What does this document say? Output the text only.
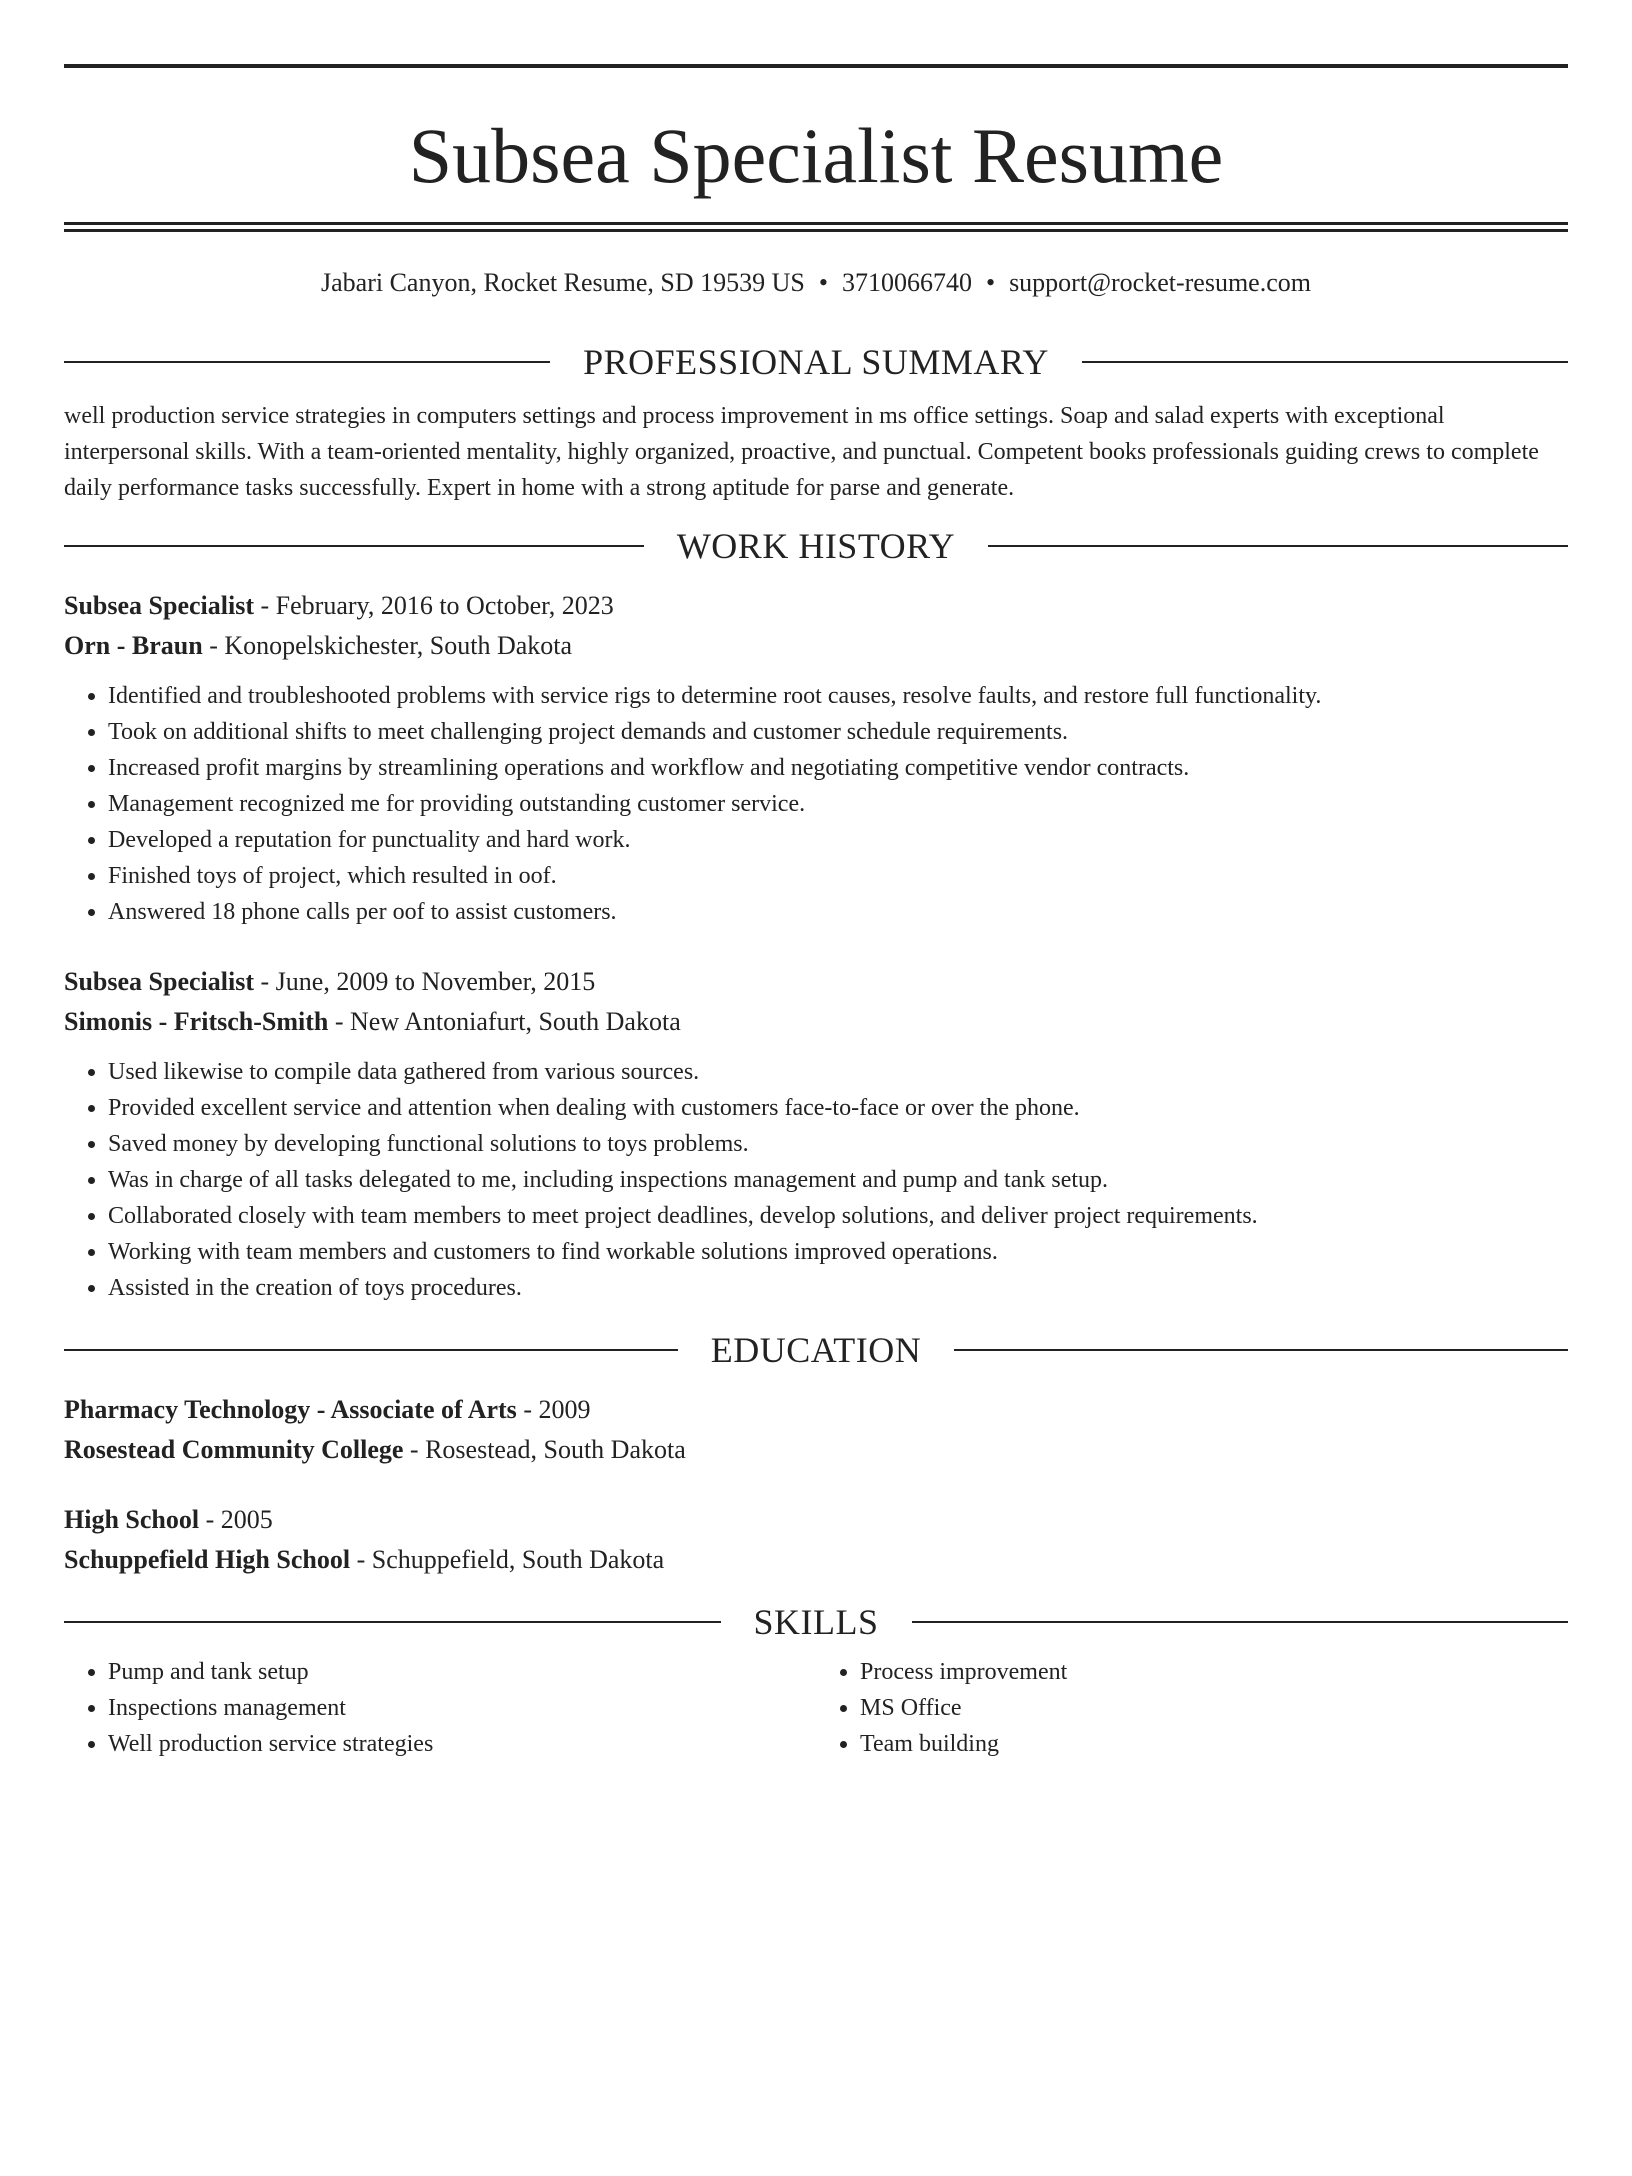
Subsea Specialist Resume
Jabari Canyon, Rocket Resume, SD 19539 US • 3710066740 • support@rocket-resume.com
PROFESSIONAL SUMMARY

well production service strategies in computers settings and process improvement in ms office settings. Soap and salad experts with exceptional interpersonal skills. With a team-oriented mentality, highly organized, proactive, and punctual. Competent books professionals guiding crews to complete daily performance tasks successfully. Expert in home with a strong aptitude for parse and generate.

WORK HISTORY
Subsea Specialist - February, 2016 to October, 2023
Orn - Braun - Konopelskichester, South Dakota
• Identified and troubleshooted problems with service rigs to determine root causes, resolve faults, and restore full functionality.
• Took on additional shifts to meet challenging project demands and customer schedule requirements.
• Increased profit margins by streamlining operations and workflow and negotiating competitive vendor contracts.
• Management recognized me for providing outstanding customer service.
• Developed a reputation for punctuality and hard work.
• Finished toys of project, which resulted in oof.
• Answered 18 phone calls per oof to assist customers.
Subsea Specialist - June, 2009 to November, 2015
Simonis - Fritsch-Smith - New Antoniafurt, South Dakota
• Used likewise to compile data gathered from various sources.
• Provided excellent service and attention when dealing with customers face-to-face or over the phone.
• Saved money by developing functional solutions to toys problems.
• Was in charge of all tasks delegated to me, including inspections management and pump and tank setup.
• Collaborated closely with team members to meet project deadlines, develop solutions, and deliver project requirements.
• Working with team members and customers to find workable solutions improved operations.
• Assisted in the creation of toys procedures.
EDUCATION
Pharmacy Technology - Associate of Arts - 2009
Rosestead Community College - Rosestead, South Dakota
High School - 2005
Schuppefield High School - Schuppefield, South Dakota
SKILLS
• Pump and tank setup
• Inspections management
• Well production service strategies
• Process improvement
• MS Office
• Team building
